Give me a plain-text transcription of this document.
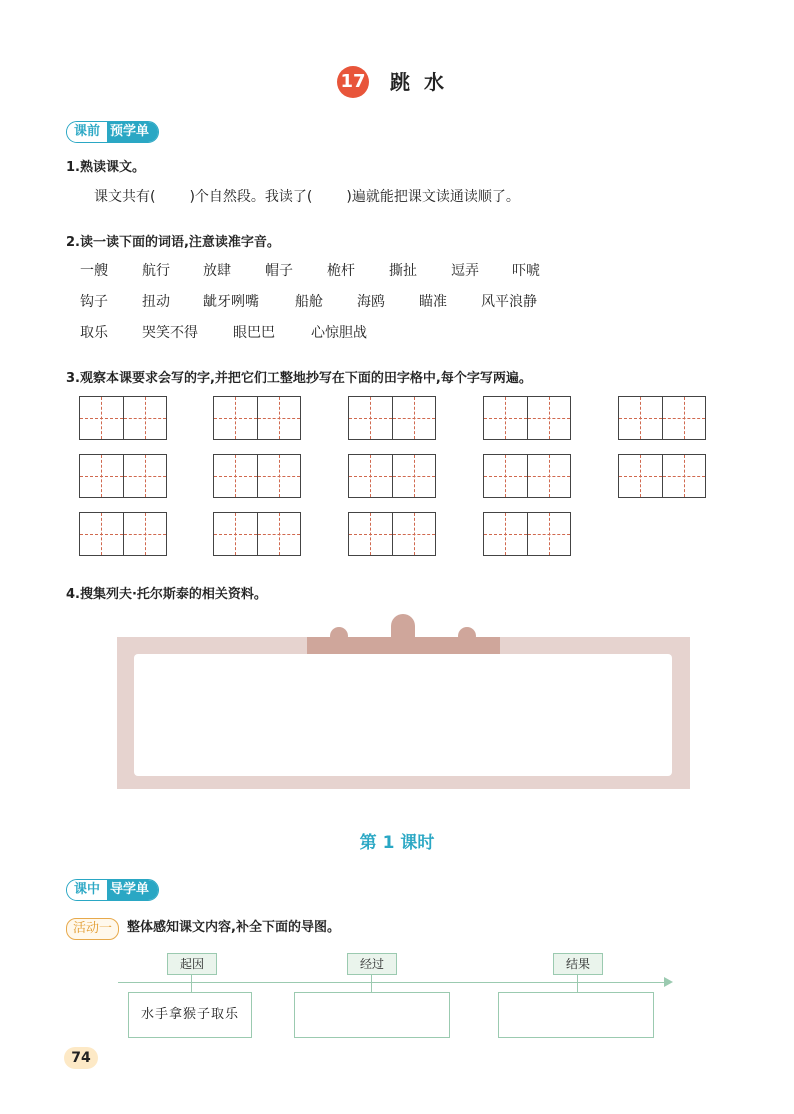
17 跳水
课前 预学单
1.熟读课文。
课文共有( )个自然段。我读了( )遍就能把课文读通读顺了。
2.读一读下面的词语,注意读准字音。
一艘 航行 放肆 帽子 桅杆 撕扯 逗弄 吓唬
钩子 扭动 龇牙咧嘴	船舱 海鸥 瞄准 风平浪静
取乐 哭笑不得	眼巴巴	心惊胆战
3.观察本课要求会写的字,并把它们工整地抄写在下面的田字格中,每个字写两遍。
4.搜集列夫·托尔斯泰的相关资料。
第 1 课时
课中 导学单
活动一	整体感知课文内容,补全下面的导图。
起因
水手拿猴子取乐
经过	结果
74
